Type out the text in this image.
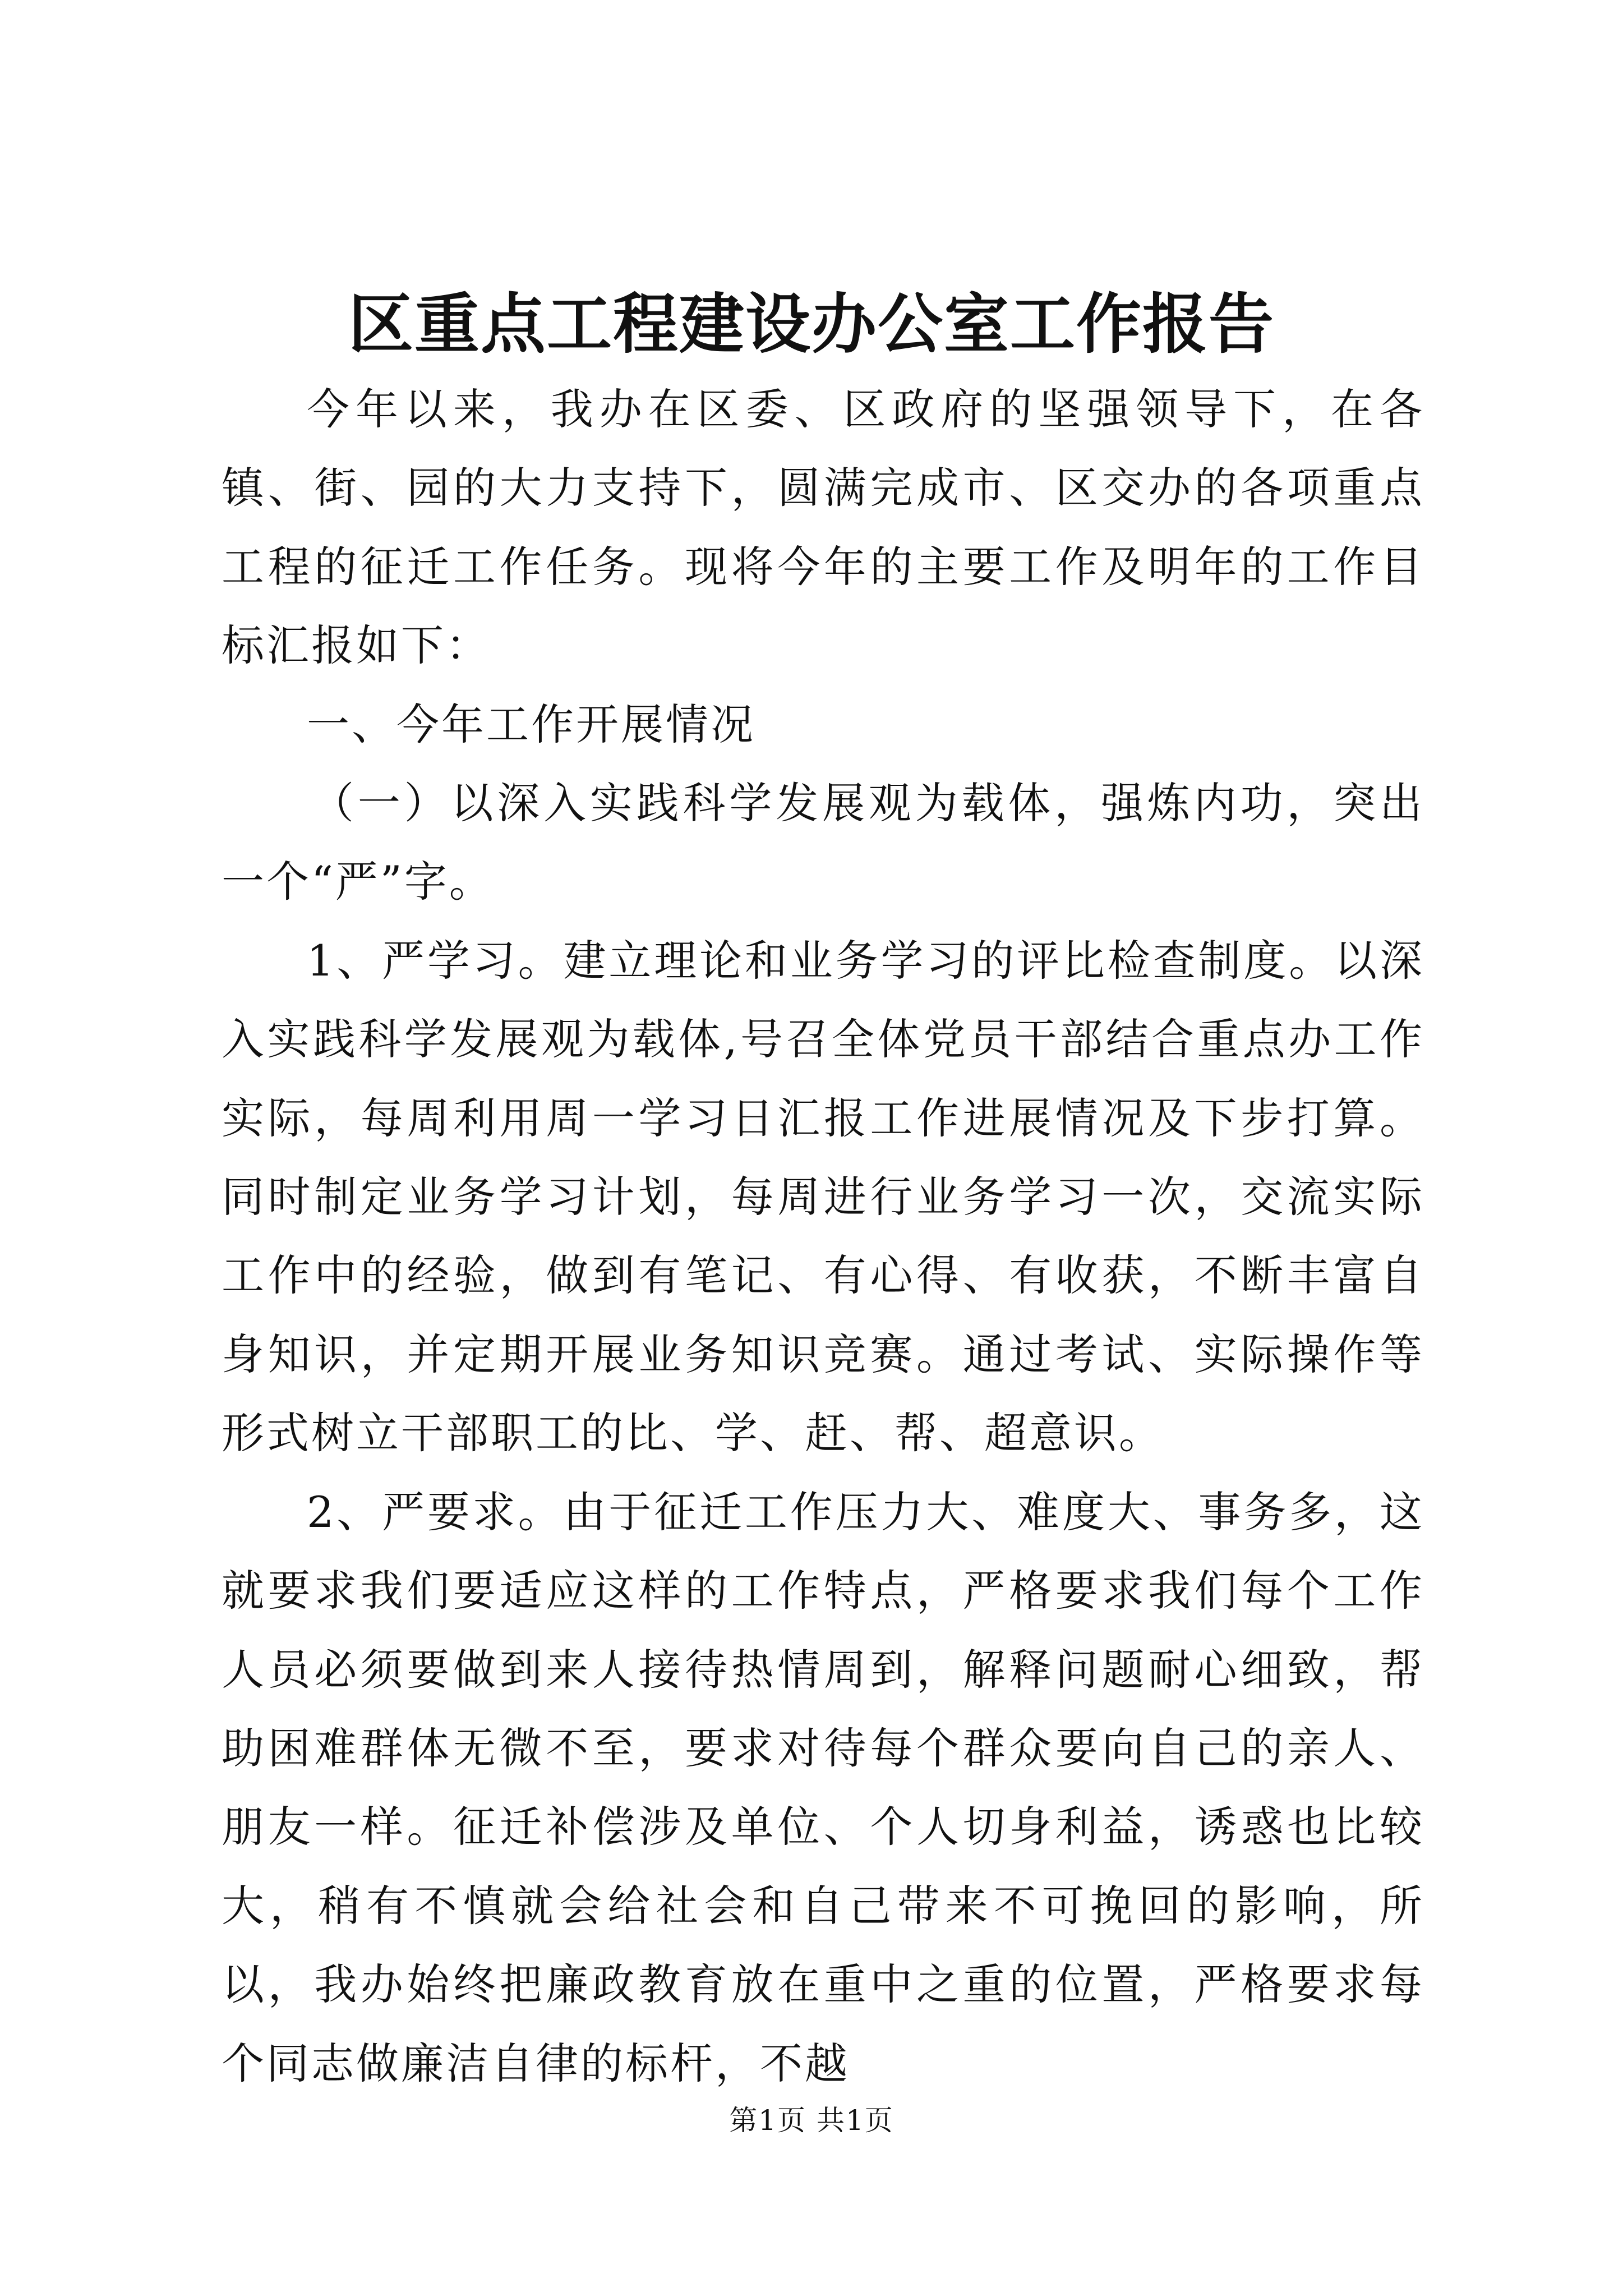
区重点工程建设办公室工作报告

今年以来，我办在区委、区政府的坚强领导下，在各镇、街、园的大力支持下，圆满完成市、区交办的各项重点工程的征迁工作任务。现将今年的主要工作及明年的工作目标汇报如下：

一、今年工作开展情况

（一）以深入实践科学发展观为载体，强炼内功，突出一个“严”字。

1、严学习。建立理论和业务学习的评比检查制度。以深入实践科学发展观为载体,号召全体党员干部结合重点办工作实际，每周利用周一学习日汇报工作进展情况及下步打算。同时制定业务学习计划，每周进行业务学习一次，交流实际工作中的经验，做到有笔记、有心得、有收获，不断丰富自身知识，并定期开展业务知识竞赛。通过考试、实际操作等形式树立干部职工的比、学、赶、帮、超意识。

2、严要求。由于征迁工作压力大、难度大、事务多，这就要求我们要适应这样的工作特点，严格要求我们每个工作人员必须要做到来人接待热情周到，解释问题耐心细致，帮助困难群体无微不至，要求对待每个群众要向自己的亲人、朋友一样。征迁补偿涉及单位、个人切身利益，诱惑也比较大，稍有不慎就会给社会和自己带来不可挽回的影响，所以，我办始终把廉政教育放在重中之重的位置，严格要求每个同志做廉洁自律的标杆，不越

第1页 共1页
